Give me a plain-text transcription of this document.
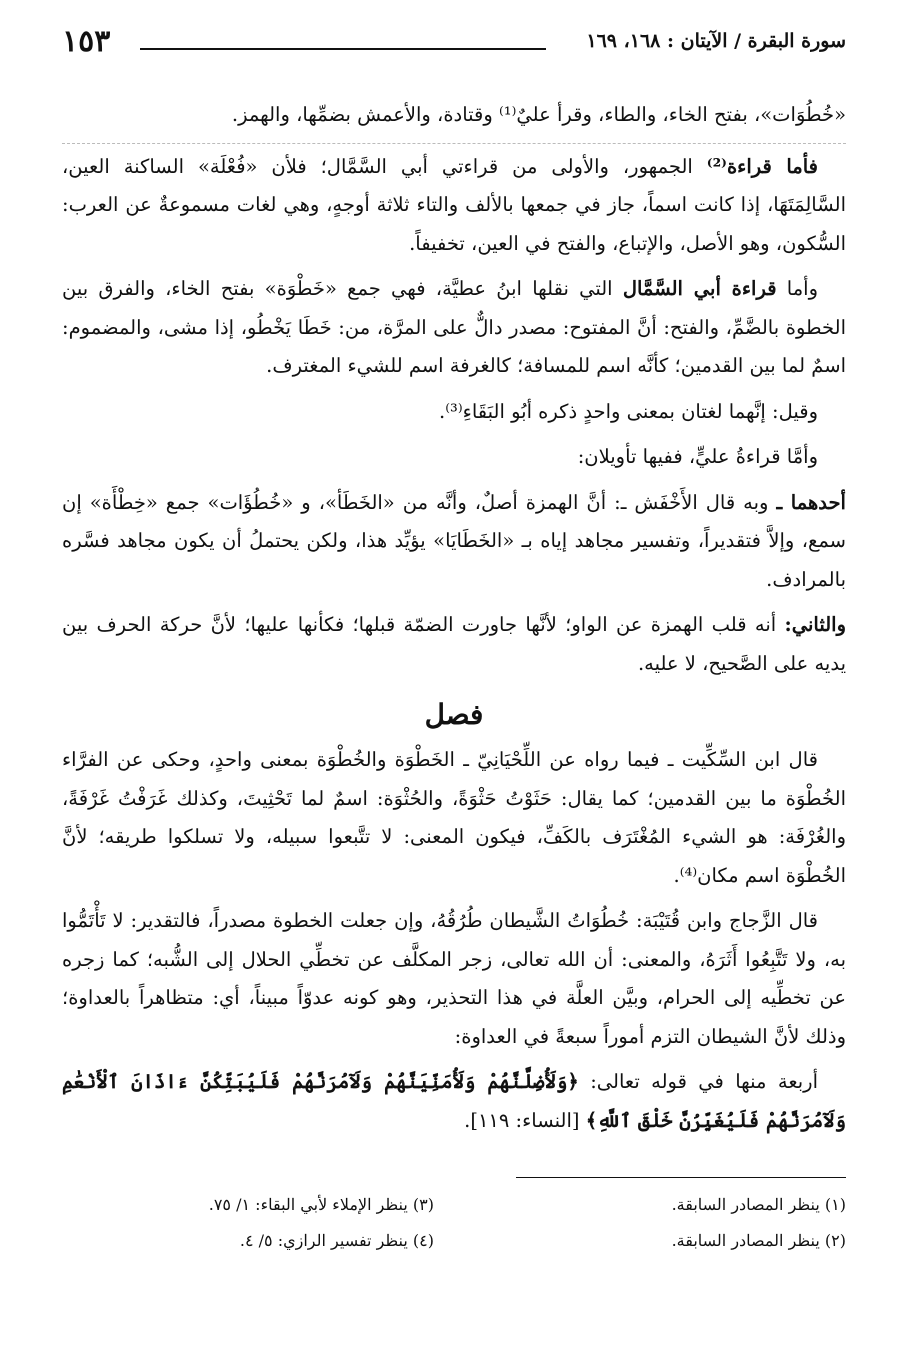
سورة البقرة / الآيتان : ١٦٨، ١٦٩
١٥٣

«خُطُوَات»، بفتح الخاء، والطاء، وقرأ عليٌ⁽¹⁾ وقتادة، والأعمش بضمِّها، والهمز.

فأما قراءة⁽²⁾ الجمهور، والأولى من قراءتي أبي السَّمَّال؛ فلأن «فُعْلَة» الساكنة العين، السَّالِمَتَهَا، إذا كانت اسماً، جاز في جمعها بالألف والتاء ثلاثة أوجهٍ، وهي لغات مسموعةٌ عن العرب: السُّكون، وهو الأصل، والإتباع، والفتح في العين، تخفيفاً.

وأما قراءة أبي السَّمَّال التي نقلها ابنُ عطيَّة، فهي جمع «خَطْوَة» بفتح الخاء، والفرق بين الخطوة بالضَّمِّ، والفتح: أنَّ المفتوح: مصدر دالٌّ على المرَّة، من: خَطَا يَخْطُو، إذا مشى، والمضموم: اسمٌ لما بين القدمين؛ كأنَّه اسم للمسافة؛ كالغرفة اسم للشيء المغترف.

وقيل: إنَّهما لغتان بمعنى واحدٍ ذكره أبُو البَقَاءِ⁽³⁾.

وأمَّا قراءةُ عليٍّ، ففيها تأويلان:

أحدهما ـ وبه قال الأَخْفَش ـ: أنَّ الهمزة أصلٌ، وأنَّه من «الخَطَأ»، و «خُطُؤَات» جمع «خِطْأَة» إن سمع، وإلاَّ فتقديراً، وتفسير مجاهد إياه بـ «الخَطَايَا» يؤيِّد هذا، ولكن يحتملُ أن يكون مجاهد فسَّره بالمرادف.

والثاني: أنه قلب الهمزة عن الواو؛ لأنَّها جاورت الضمّة قبلها؛ فكأنها عليها؛ لأنَّ حركة الحرف بين يديه على الصَّحيح، لا عليه.

فصل

قال ابن السِّكِّيت ـ فيما رواه عن اللِّحْيَانِيّ ـ الخَطْوَة والخُطْوَة بمعنى واحدٍ، وحكى عن الفرَّاء الخُطْوَة ما بين القدمين؛ كما يقال: حَثَوْتُ حَثْوَةً، والحُثْوَة: اسمٌ لما تَحْثِيتَ، وكذلك غَرَفْتُ غَرْفَةً، والغُرْفَة: هو الشيء المُغْتَرَف بالكَفِّ، فيكون المعنى: لا تتَّبعوا سبيله، ولا تسلكوا طريقه؛ لأنَّ الخُطْوَة اسم مكان⁽⁴⁾.

قال الزَّجاج وابن قُتَيْبَة: خُطُوَاتُ الشَّيطان طُرُقُهُ، وإن جعلت الخطوة مصدراً، فالتقدير: لا تَأْتَمُّوا به، ولا تَتَّبِعُوا أَثَرَهُ، والمعنى: أن الله تعالى، زجر المكلَّف عن تخطِّي الحلال إلى الشُّبه؛ كما زجره عن تخطِّيه إلى الحرام، وبيَّن العلَّة في هذا التحذير، وهو كونه عدوّاً مبيناً، أي: متظاهراً بالعداوة؛ وذلك لأنَّ الشيطان التزم أموراً سبعةً في العداوة:

أربعة منها في قوله تعالى: ﴿وَلَأُضِلَّنَّهُمْ وَلَأُمَنِّيَنَّهُمْ وَلَآمُرَنَّهُمْ فَلَيُبَتِّكُنَّ ءَاذَانَ ٱلْأَنْعَٰمِ وَلَآمُرَنَّهُمْ فَلَيُغَيِّرُنَّ خَلْقَ ٱللَّهِ﴾ [النساء: ١١٩].

(١) ينظر المصادر السابقة.
(٣) ينظر الإملاء لأبي البقاء: ١/ ٧٥.
(٢) ينظر المصادر السابقة.
(٤) ينظر تفسير الرازي: ٥/ ٤.
